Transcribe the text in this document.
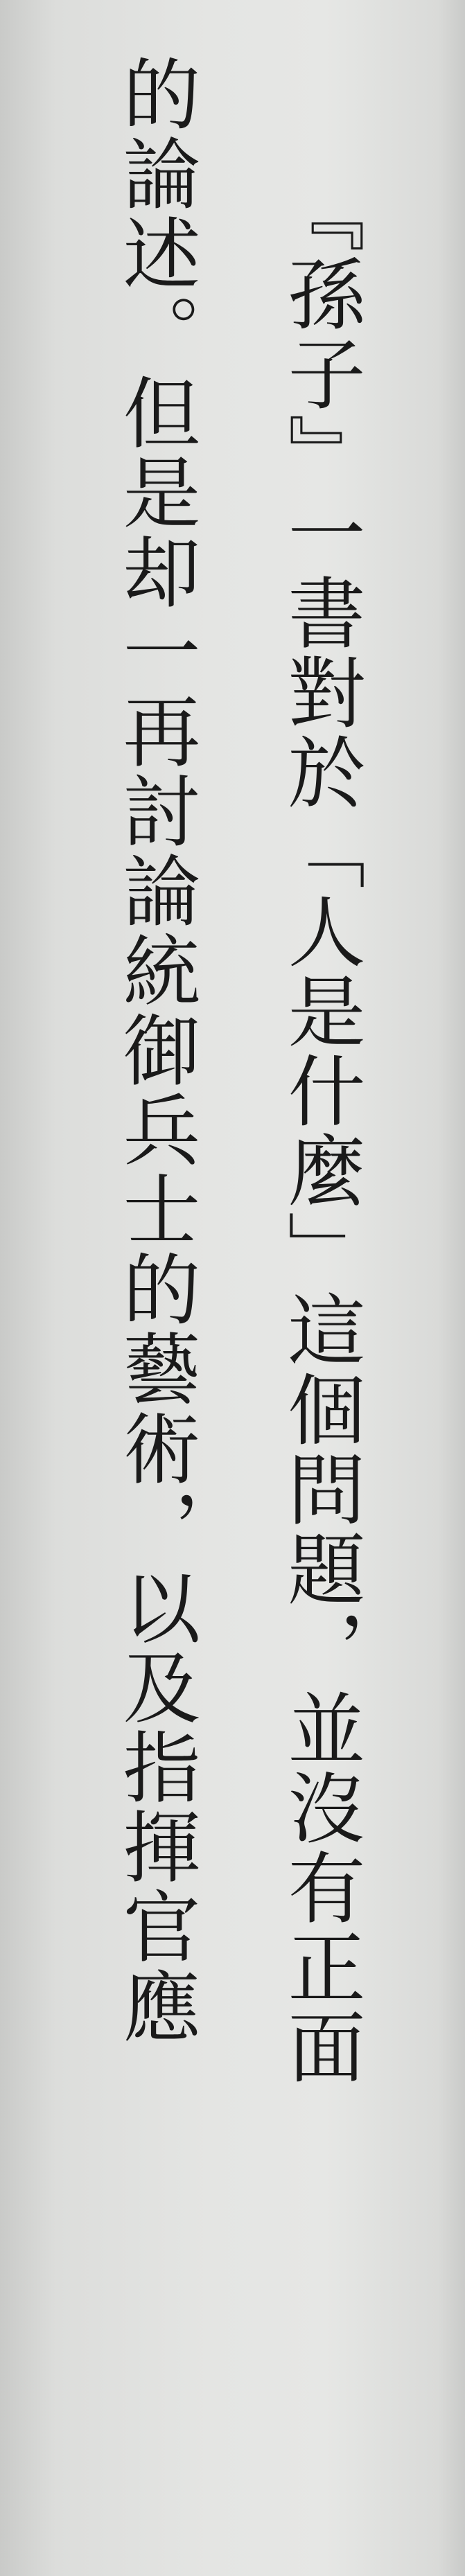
『孫子』一書對於「人是什麼」這個問題，並沒有正面
的論述。但是却一再討論統御兵士的藝術，以及指揮官應
